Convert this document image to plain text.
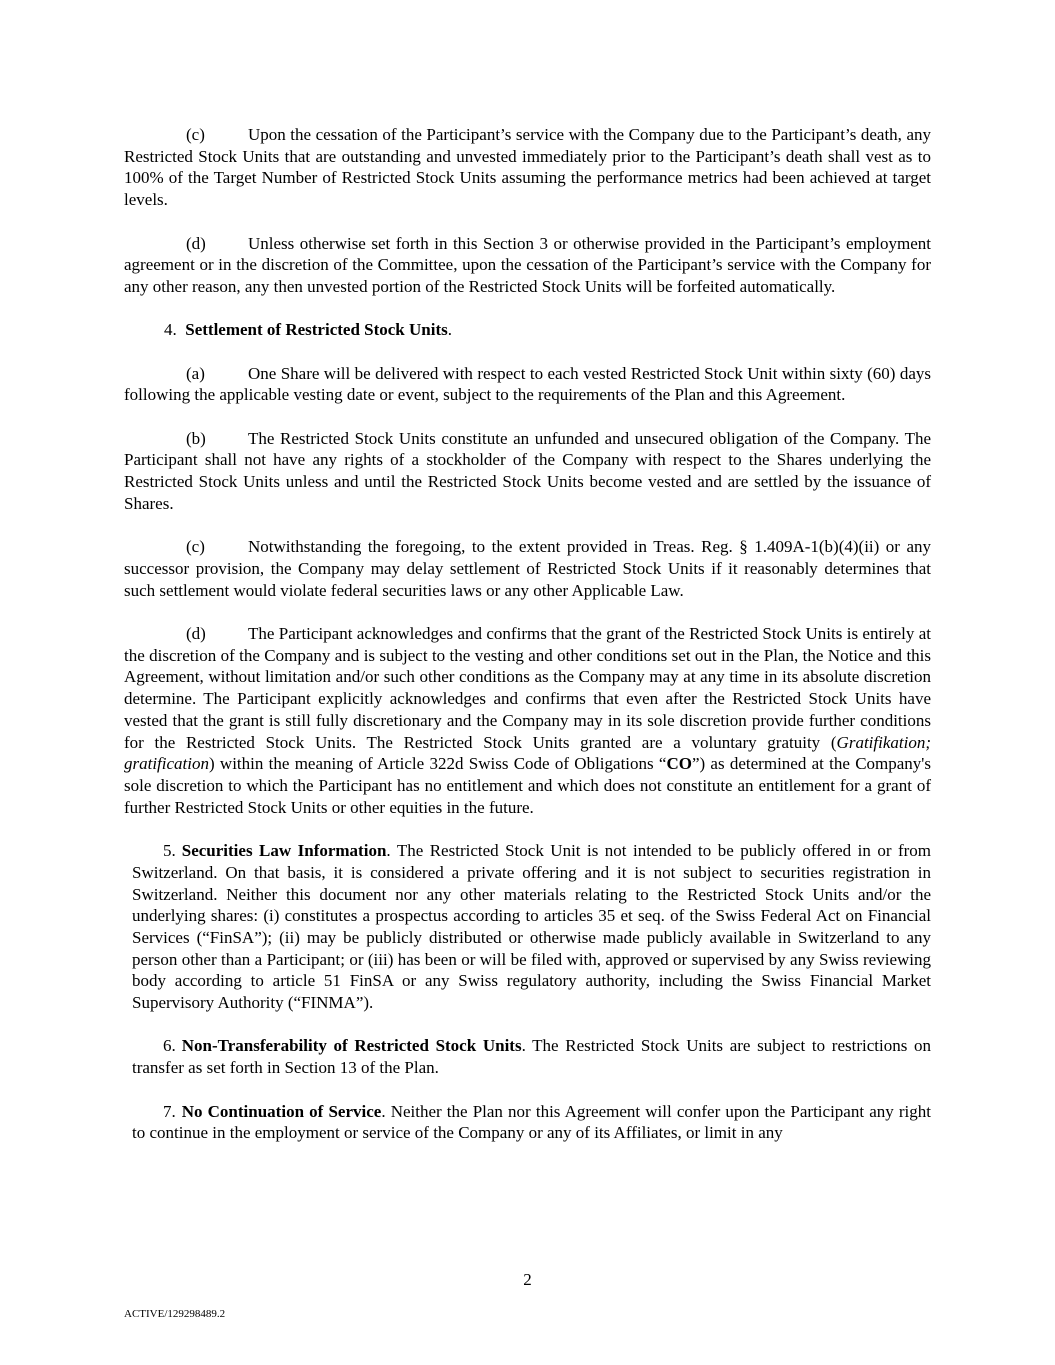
(c)	Upon the cessation of the Participant’s service with the Company due to the Participant’s death, any Restricted Stock Units that are outstanding and unvested immediately prior to the Participant’s death shall vest as to 100% of the Target Number of Restricted Stock Units assuming the performance metrics had been achieved at target levels.

(d) Unless otherwise set forth in this Section 3 or otherwise provided in the Participant’s employment agreement or in the discretion of the Committee, upon the cessation of the Participant’s service with the Company for any other reason, any then unvested portion of the Restricted Stock Units will be forfeited automatically.

4. Settlement of Restricted Stock Units.

(a)	One Share will be delivered with respect to each vested Restricted Stock Unit within sixty (60) days following the applicable vesting date or event, subject to the requirements of the Plan and this Agreement.

(b) The Restricted Stock Units constitute an unfunded and unsecured obligation of the Company. The Participant shall not have any rights of a stockholder of the Company with respect to the Shares underlying the Restricted Stock Units unless and until the Restricted Stock Units become vested and are settled by the issuance of Shares.

(c)	Notwithstanding the foregoing, to the extent provided in Treas. Reg. § 1.409A-1(b)(4)(ii) or any successor provision, the Company may delay settlement of Restricted Stock Units if it reasonably determines that such settlement would violate federal securities laws or any other Applicable Law.

(d) The Participant acknowledges and confirms that the grant of the Restricted Stock Units is entirely at the discretion of the Company and is subject to the vesting and other conditions set out in the Plan, the Notice and this Agreement, without limitation and/or such other conditions as the Company may at any time in its absolute discretion determine. The Participant explicitly acknowledges and confirms that even after the Restricted Stock Units have vested that the grant is still fully discretionary and the Company may in its sole discretion provide further conditions for the Restricted Stock Units. The Restricted Stock Units granted are a voluntary gratuity (Gratifikation; gratification) within the meaning of Article 322d Swiss Code of Obligations “CO”) as determined at the Company's sole discretion to which the Participant has no entitlement and which does not constitute an entitlement for a grant of further Restricted Stock Units or other equities in the future.

5. Securities Law Information. The Restricted Stock Unit is not intended to be publicly offered in or from Switzerland. On that basis, it is considered a private offering and it is not subject to securities registration in Switzerland. Neither this document nor any other materials relating to the Restricted Stock Units and/or the underlying shares: (i) constitutes a prospectus according to articles 35 et seq. of the Swiss Federal Act on Financial Services (“FinSA”); (ii) may be publicly distributed or otherwise made publicly available in Switzerland to any person other than a Participant; or (iii) has been or will be filed with, approved or supervised by any Swiss reviewing body according to article 51 FinSA or any Swiss regulatory authority, including the Swiss Financial Market Supervisory Authority (“FINMA”).

6. Non-Transferability of Restricted Stock Units. The Restricted Stock Units are subject to restrictions on transfer as set forth in Section 13 of the Plan.

7. No Continuation of Service. Neither the Plan nor this Agreement will confer upon the Participant any right to continue in the employment or service of the Company or any of its Affiliates, or limit in any

2
ACTIVE/129298489.2
